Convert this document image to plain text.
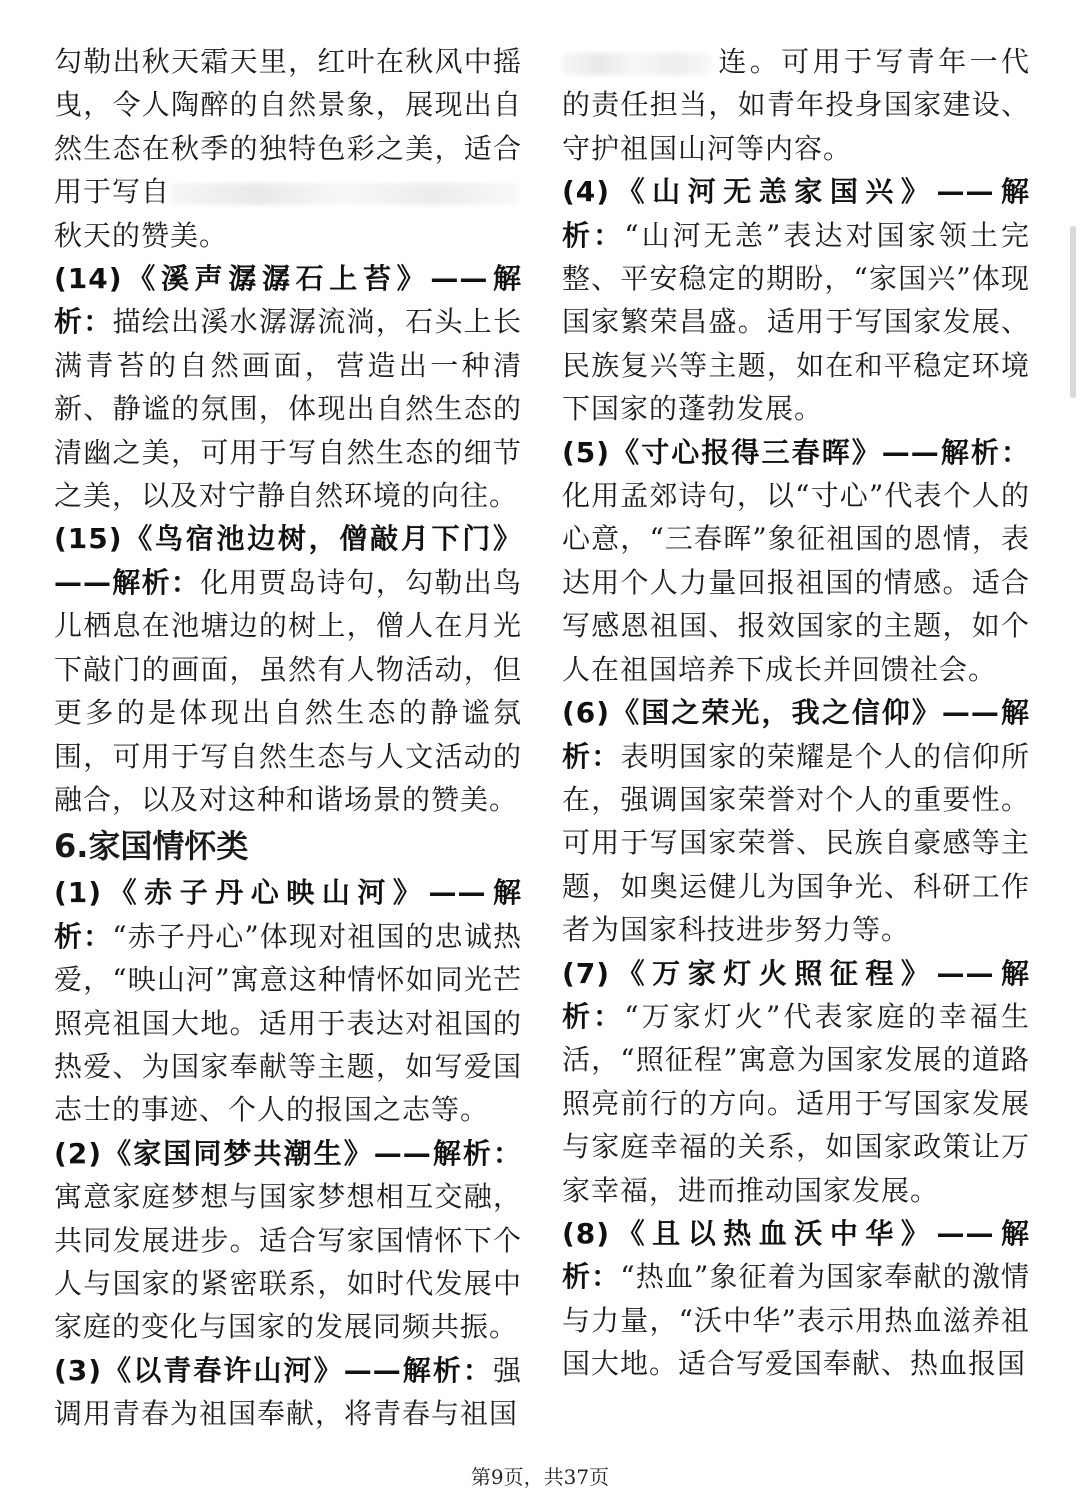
勾勒出秋天霜天里，红叶在秋风中摇曳，令人陶醉的自然景象，展现出自然生态在秋季的独特色彩之美，适合用于写自

秋天的赞美。

(14)《溪声潺潺石上苔》——解析：描绘出溪水潺潺流淌，石头上长满青苔的自然画面，营造出一种清新、静谧的氛围，体现出自然生态的清幽之美，可用于写自然生态的细节之美，以及对宁静自然环境的向往。

(15)《鸟宿池边树，僧敲月下门》——解析：化用贾岛诗句，勾勒出鸟儿栖息在池塘边的树上，僧人在月光下敲门的画面，虽然有人物活动，但更多的是体现出自然生态的静谧氛围，可用于写自然生态与人文活动的融合，以及对这种和谐场景的赞美。

6.家国情怀类

(1)《赤子丹心映山河》——解析：“赤子丹心”体现对祖国的忠诚热爱，“映山河”寓意这种情怀如同光芒照亮祖国大地。适用于表达对祖国的热爱、为国家奉献等主题，如写爱国志士的事迹、个人的报国之志等。

(2)《家国同梦共潮生》——解析：寓意家庭梦想与国家梦想相互交融，共同发展进步。适合写家国情怀下个人与国家的紧密联系，如时代发展中家庭的变化与国家的发展同频共振。

(3)《以青春许山河》——解析：强调用青春为祖国奉献，将青春与祖国

连。可用于写青年一代的责任担当，如青年投身国家建设、守护祖国山河等内容。

(4)《山河无恙家国兴》——解析：“山河无恙”表达对国家领土完整、平安稳定的期盼，“家国兴”体现国家繁荣昌盛。适用于写国家发展、民族复兴等主题，如在和平稳定环境下国家的蓬勃发展。

(5)《寸心报得三春晖》——解析：化用孟郊诗句，以“寸心”代表个人的心意，“三春晖”象征祖国的恩情，表达用个人力量回报祖国的情感。适合写感恩祖国、报效国家的主题，如个人在祖国培养下成长并回馈社会。

(6)《国之荣光，我之信仰》——解析：表明国家的荣耀是个人的信仰所在，强调国家荣誉对个人的重要性。可用于写国家荣誉、民族自豪感等主题，如奥运健儿为国争光、科研工作者为国家科技进步努力等。

(7)《万家灯火照征程》——解析：“万家灯火”代表家庭的幸福生活，“照征程”寓意为国家发展的道路照亮前行的方向。适用于写国家发展与家庭幸福的关系，如国家政策让万家幸福，进而推动国家发展。

(8)《且以热血沃中华》——解析：“热血”象征着为国家奉献的激情与力量，“沃中华”表示用热血滋养祖国大地。适合写爱国奉献、热血报国

第9页，共37页
